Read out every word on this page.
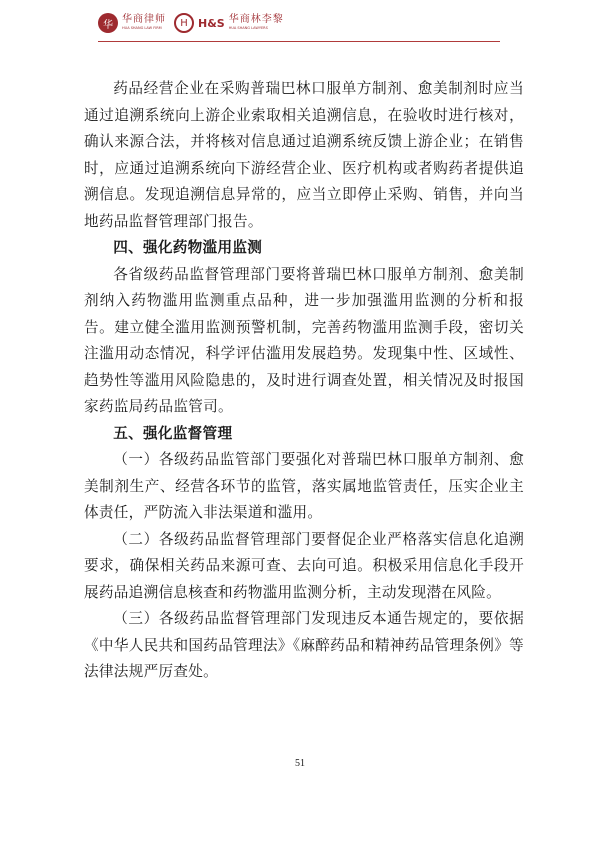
华 华商律师
HUA SHANG LAW FIRM	H H&S 华商林李黎
HUA SHANG LAWYERS

药品经营企业在采购普瑞巴林口服单方制剂、愈美制剂时应当通过追溯系统向上游企业索取相关追溯信息，在验收时进行核对，确认来源合法，并将核对信息通过追溯系统反馈上游企业；在销售时，应通过追溯系统向下游经营企业、医疗机构或者购药者提供追溯信息。发现追溯信息异常的，应当立即停止采购、销售，并向当地药品监督管理部门报告。

四、强化药物滥用监测

各省级药品监督管理部门要将普瑞巴林口服单方制剂、愈美制剂纳入药物滥用监测重点品种，进一步加强滥用监测的分析和报告。建立健全滥用监测预警机制，完善药物滥用监测手段，密切关注滥用动态情况，科学评估滥用发展趋势。发现集中性、区域性、趋势性等滥用风险隐患的，及时进行调查处置，相关情况及时报国家药监局药品监管司。

五、强化监督管理

（一）各级药品监管部门要强化对普瑞巴林口服单方制剂、愈美制剂生产、经营各环节的监管，落实属地监管责任，压实企业主体责任，严防流入非法渠道和滥用。

（二）各级药品监督管理部门要督促企业严格落实信息化追溯要求，确保相关药品来源可查、去向可追。积极采用信息化手段开展药品追溯信息核查和药物滥用监测分析，主动发现潜在风险。

（三）各级药品监督管理部门发现违反本通告规定的，要依据《中华人民共和国药品管理法》《麻醉药品和精神药品管理条例》等法律法规严厉查处。

51
